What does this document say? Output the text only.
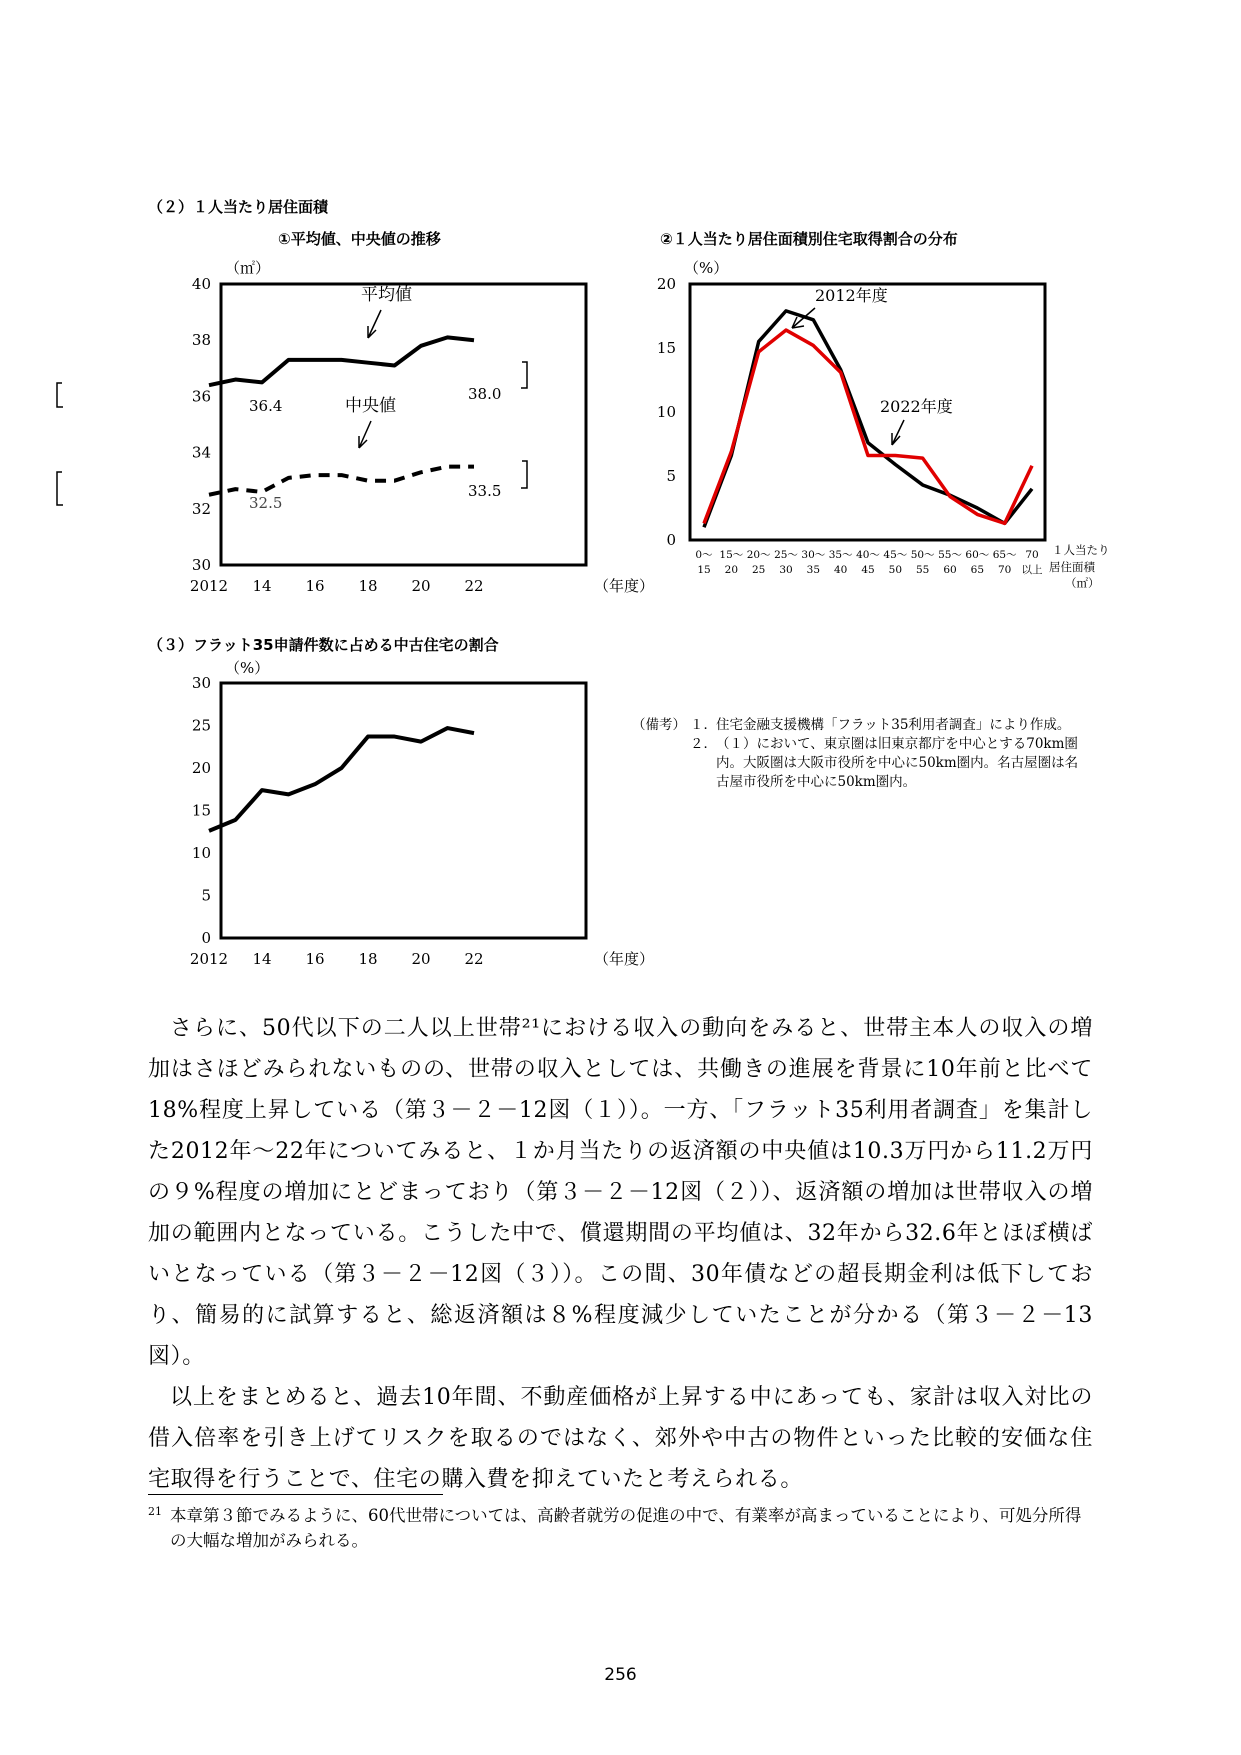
（２）１人当たり居住面積
①平均値、中央値の推移
（㎡）
30
32
34
36
38
40
2012 14 16 18 20 22	（年度）
36.4
38.0
32.5
33.5
平均値
中央値
②１人当たり居住面積別住宅取得割合の分布
（%）
0
5
10
15
20
0～
15
15～
20
20～
25
25～
30
30～
35
35～
40
40～
45
45～
50
50～
55
55～
60
60～
65
65～
70
70
以上
2012年度
2022年度
１人当たり
居住面積
（㎡）
（３）フラット35申請件数に占める中古住宅の割合
（%）
0
5
10
15
20
25
30
2012 14 16 18 20 22	（年度）
（備考） １． 住宅金融支援機構「フラット35利用者調査」により作成。
２． （１）において、東京圏は旧東京都庁を中心とする70km圏内。大阪圏は大阪市役所を中心に50km圏内。名古屋圏は名古屋市役所を中心に50km圏内。

さらに、50代以下の二人以上世帯²¹における収入の動向をみると、世帯主本人の収入の増加はさほどみられないものの、世帯の収入としては、共働きの進展を背景に10年前と比べて18%程度上昇している（第３－２－12図（１））。一方、「フラット35利用者調査」を集計した2012年～22年についてみると、１か月当たりの返済額の中央値は10.3万円から11.2万円の９%程度の増加にとどまっており（第３－２－12図（２））、返済額の増加は世帯収入の増加の範囲内となっている。こうした中で、償還期間の平均値は、32年から32.6年とほぼ横ばいとなっている（第３－２－12図（３））。この間、30年債などの超長期金利は低下しており、簡易的に試算すると、総返済額は８%程度減少していたことが分かる（第３－２－13図）。

以上をまとめると、過去10年間、不動産価格が上昇する中にあっても、家計は収入対比の借入倍率を引き上げてリスクを取るのではなく、郊外や中古の物件といった比較的安価な住宅取得を行うことで、住宅の購入費を抑えていたと考えられる。

21 本章第３節でみるように、60代世帯については、高齢者就労の促進の中で、有業率が高まっていることにより、可処分所得の大幅な増加がみられる。
256
